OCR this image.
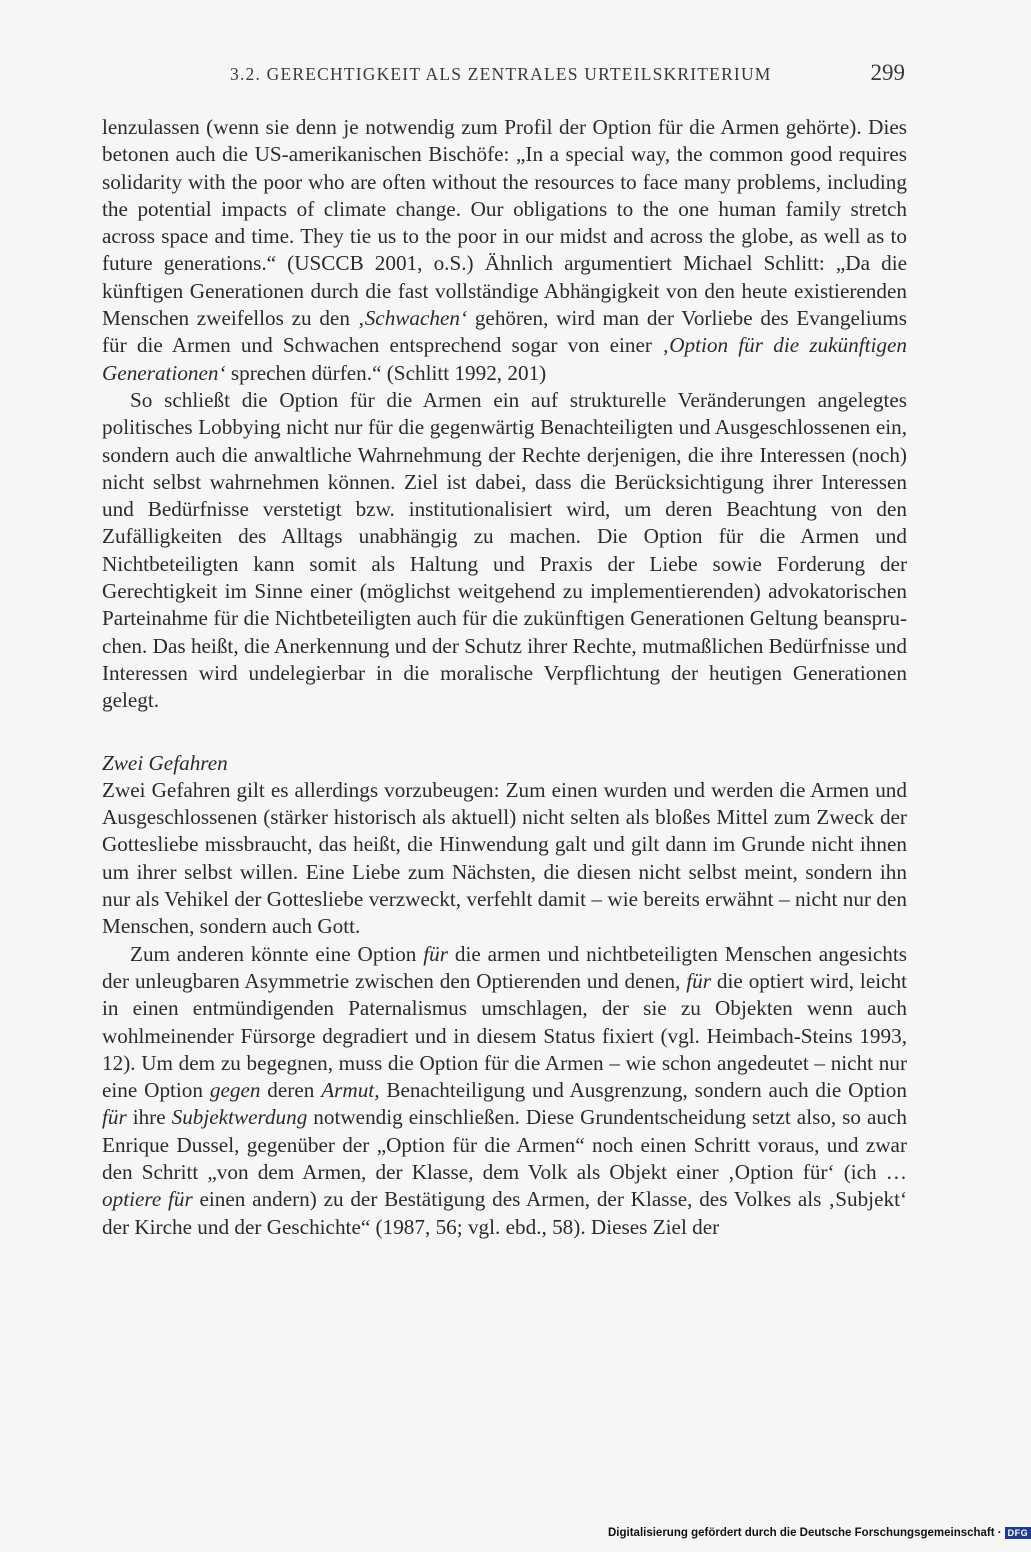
3.2. GERECHTIGKEIT ALS ZENTRALES URTEILSKRITERIUM	299

lenzulassen (wenn sie denn je notwendig zum Profil der Option für die Armen gehörte). Dies betonen auch die US-amerikanischen Bischöfe: „In a special way, the common good requires solidarity with the poor who are often without the resources to face many problems, including the potential impacts of climate change. Our obligations to the one human family stretch across space and time. They tie us to the poor in our midst and across the globe, as well as to future generations.“ (USCCB 2001, o.S.) Ähnlich argumentiert Michael Schlitt: „Da die künftigen Generationen durch die fast vollständige Abhängigkeit von den heute existierenden Menschen zweifellos zu den ‚Schwachen‘ gehören, wird man der Vorliebe des Evangeliums für die Armen und Schwachen entsprechend sogar von einer ‚Option für die zukünftigen Generationen‘ sprechen dürfen.“ (Schlitt 1992, 201)

So schließt die Option für die Armen ein auf strukturelle Veränderungen angelegtes politisches Lobbying nicht nur für die gegenwärtig Benachteiligten und Ausgeschlossenen ein, sondern auch die anwaltliche Wahrnehmung der Rechte derjenigen, die ihre Interessen (noch) nicht selbst wahrnehmen können. Ziel ist dabei, dass die Berücksichtigung ihrer Interessen und Bedürfnisse verstetigt bzw. institutionalisiert wird, um deren Beachtung von den Zufälligkeiten des Alltags unabhängig zu machen. Die Option für die Armen und Nichtbeteiligten kann somit als Haltung und Praxis der Liebe sowie Forderung der Gerechtigkeit im Sinne einer (möglichst weitgehend zu implementierenden) advokatorischen Parteinahme für die Nichtbeteiligten auch für die zukünftigen Generationen Geltung beanspruchen. Das heißt, die Anerkennung und der Schutz ihrer Rechte, mutmaßlichen Bedürfnisse und Interessen wird undelegierbar in die moralische Verpflichtung der heutigen Generationen gelegt.

Zwei Gefahren

Zwei Gefahren gilt es allerdings vorzubeugen: Zum einen wurden und werden die Armen und Ausgeschlossenen (stärker historisch als aktuell) nicht selten als bloßes Mittel zum Zweck der Gottesliebe missbraucht, das heißt, die Hinwendung galt und gilt dann im Grunde nicht ihnen um ihrer selbst willen. Eine Liebe zum Nächsten, die diesen nicht selbst meint, sondern ihn nur als Vehikel der Gottesliebe verzweckt, verfehlt damit – wie bereits erwähnt – nicht nur den Menschen, sondern auch Gott.

Zum anderen könnte eine Option für die armen und nichtbeteiligten Menschen angesichts der unleugbaren Asymmetrie zwischen den Optierenden und denen, für die optiert wird, leicht in einen entmündigenden Paternalismus umschlagen, der sie zu Objekten wenn auch wohlmeinender Fürsorge degradiert und in diesem Status fixiert (vgl. Heimbach-Steins 1993, 12). Um dem zu begegnen, muss die Option für die Armen – wie schon angedeutet – nicht nur eine Option gegen deren Armut, Benachteiligung und Ausgrenzung, sondern auch die Option für ihre Subjektwerdung notwendig einschließen. Diese Grundentscheidung setzt also, so auch Enrique Dussel, gegenüber der „Option für die Armen“ noch einen Schritt voraus, und zwar den Schritt „von dem Armen, der Klasse, dem Volk als Objekt einer ‚Option für‘ (ich … optiere für einen andern) zu der Bestätigung des Armen, der Klasse, des Volkes als ‚Subjekt‘ der Kirche und der Geschichte“ (1987, 56; vgl. ebd., 58). Dieses Ziel der

Digitalisierung gefördert durch die Deutsche Forschungsgemeinschaft · DFG
